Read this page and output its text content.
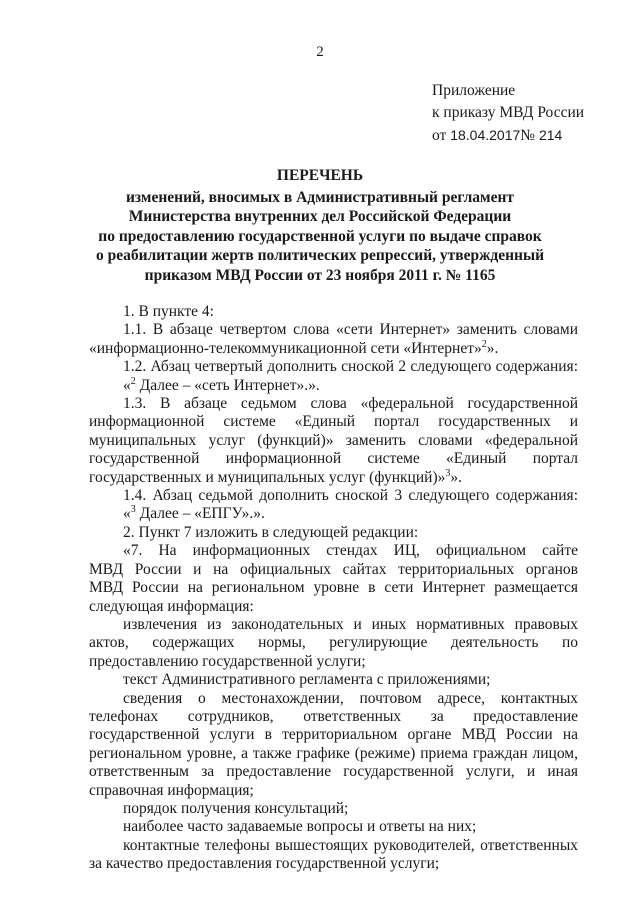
2
Приложение
к приказу МВД России
от 18.04.2017№ 214
ПЕРЕЧЕНЬ
изменений, вносимых в Административный регламент
Министерства внутренних дел Российской Федерации
по предоставлению государственной услуги по выдаче справок
о реабилитации жертв политических репрессий, утвержденный
приказом МВД России от 23 ноября 2011 г. № 1165

1. В пункте 4:

1.1. В абзаце четвертом слова «сети Интернет» заменить словами

«информационно-телекоммуникационной сети «Интернет»$^2$».

1.2. Абзац четвертый дополнить сноской 2 следующего содержания:

«$^2$ Далее – «сеть Интернет».».

1.3. В абзаце седьмом слова «федеральной государственной

информационной системе «Единый портал государственных и

муниципальных услуг (функций)» заменить словами «федеральной

государственной информационной системе «Единый портал

государственных и муниципальных услуг (функций)»$^3$».

1.4. Абзац седьмой дополнить сноской 3 следующего содержания:

«$^3$ Далее – «ЕПГУ».».

2. Пункт 7 изложить в следующей редакции:

«7. На информационных стендах ИЦ, официальном сайте

МВД России и на официальных сайтах территориальных органов

МВД России на региональном уровне в сети Интернет размещается

следующая информация:

извлечения из законодательных и иных нормативных правовых

актов, содержащих нормы, регулирующие деятельность по

предоставлению государственной услуги;

текст Административного регламента с приложениями;

сведения о местонахождении, почтовом адресе, контактных

телефонах сотрудников, ответственных за предоставление

государственной услуги в территориальном органе МВД России на

региональном уровне, а также графике (режиме) приема граждан лицом,

ответственным за предоставление государственной услуги, и иная

справочная информация;

порядок получения консультаций;

наиболее часто задаваемые вопросы и ответы на них;

контактные телефоны вышестоящих руководителей, ответственных

за качество предоставления государственной услуги;
